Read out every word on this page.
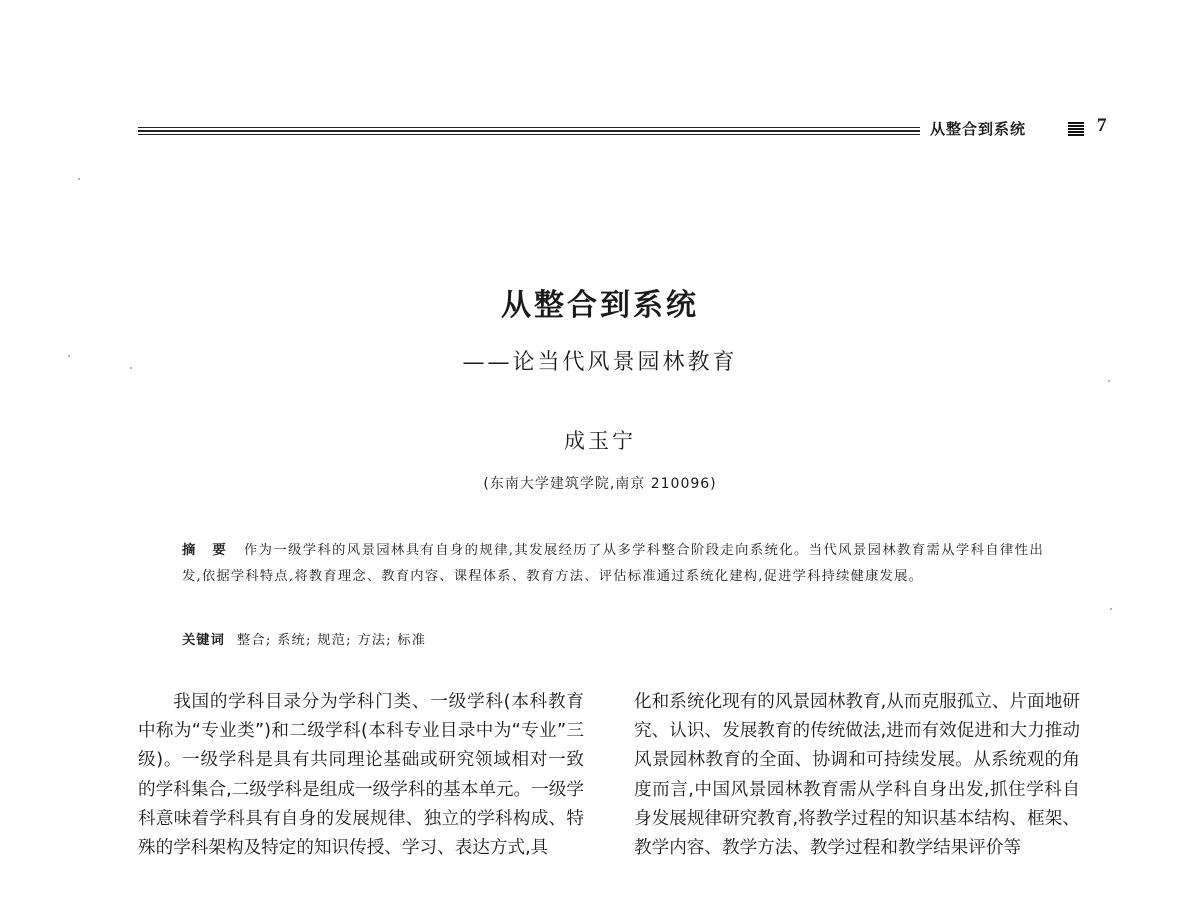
从整合到系统	7
从整合到系统
——论当代风景园林教育
成玉宁
(东南大学建筑学院,南京 210096)
摘 要 作为一级学科的风景园林具有自身的规律,其发展经历了从多学科整合阶段走向系统化。当代风景园林教育需从学科自律性出发,依据学科特点,将教育理念、教育内容、课程体系、教育方法、评估标准通过系统化建构,促进学科持续健康发展。
关键词 整合; 系统; 规范; 方法; 标准

我国的学科目录分为学科门类、一级学科(本科教育中称为“专业类”)和二级学科(本科专业目录中为“专业”三级)。一级学科是具有共同理论基础或研究领域相对一致的学科集合,二级学科是组成一级学科的基本单元。一级学科意味着学科具有自身的发展规律、独立的学科构成、特殊的学科架构及特定的知识传授、学习、表达方式,具

化和系统化现有的风景园林教育,从而克服孤立、片面地研究、认识、发展教育的传统做法,进而有效促进和大力推动风景园林教育的全面、协调和可持续发展。从系统观的角度而言,中国风景园林教育需从学科自身出发,抓住学科自身发展规律研究教育,将教学过程的知识基本结构、框架、教学内容、教学方法、教学过程和教学结果评价等
